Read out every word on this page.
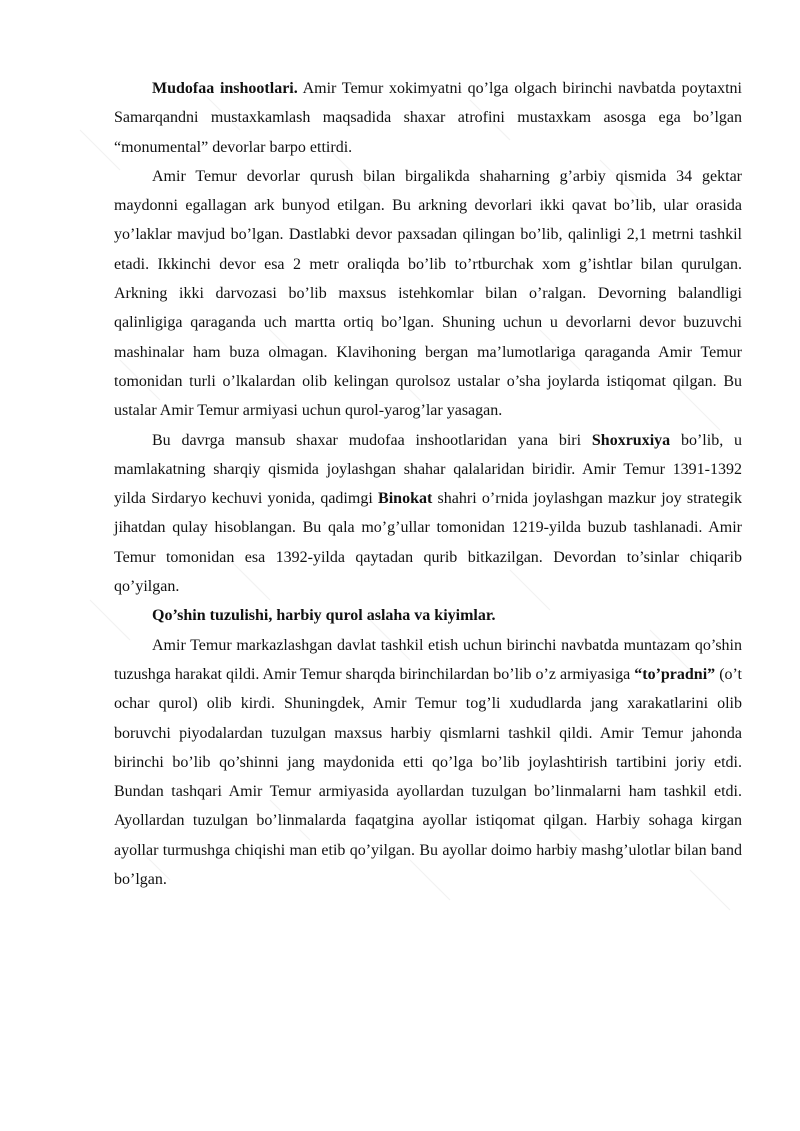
Mudofaa inshootlari. Amir Temur xokimyatni qo’lga olgach birinchi navbatda poytaxtni Samarqandni mustaxkamlash maqsadida shaxar atrofini mustaxkam asosga ega bo’lgan “monumental” devorlar barpo ettirdi.

Amir Temur devorlar qurush bilan birgalikda shaharning g’arbiy qismida 34 gektar maydonni egallagan ark bunyod etilgan. Bu arkning devorlari ikki qavat bo’lib, ular orasida yo’laklar mavjud bo’lgan. Dastlabki devor paxsadan qilingan bo’lib, qalinligi 2,1 metrni tashkil etadi. Ikkinchi devor esa 2 metr oraliqda bo’lib to’rtburchak xom g’ishtlar bilan qurulgan. Arkning ikki darvozasi bo’lib maxsus istehkomlar bilan o’ralgan. Devorning balandligi qalinligiga qaraganda uch martta ortiq bo’lgan. Shuning uchun u devorlarni devor buzuvchi mashinalar ham buza olmagan. Klavihoning bergan ma’lumotlariga qaraganda Amir Temur tomonidan turli o’lkalardan olib kelingan qurolsoz ustalar o’sha joylarda istiqomat qilgan. Bu ustalar Amir Temur armiyasi uchun qurol-yarog’lar yasagan.

Bu davrga mansub shaxar mudofaa inshootlaridan yana biri Shoxruxiya bo’lib, u mamlakatning sharqiy qismida joylashgan shahar qalalaridan biridir. Amir Temur 1391-1392 yilda Sirdaryo kechuvi yonida, qadimgi Binokat shahri o’rnida joylashgan mazkur joy strategik jihatdan qulay hisoblangan. Bu qala mo’g’ullar tomonidan 1219-yilda buzub tashlanadi. Amir Temur tomonidan esa 1392-yilda qaytadan qurib bitkazilgan. Devordan to’sinlar chiqarib qo’yilgan.

Qo’shin tuzulishi, harbiy qurol aslaha va kiyimlar.

Amir Temur markazlashgan davlat tashkil etish uchun birinchi navbatda muntazam qo’shin tuzushga harakat qildi. Amir Temur sharqda birinchilardan bo’lib o’z armiyasiga “to’pradni” (o’t ochar qurol) olib kirdi. Shuningdek, Amir Temur tog’li xududlarda jang xarakatlarini olib boruvchi piyodalardan tuzulgan maxsus harbiy qismlarni tashkil qildi. Amir Temur jahonda birinchi bo’lib qo’shinni jang maydonida etti qo’lga bo’lib joylashtirish tartibini joriy etdi. Bundan tashqari Amir Temur armiyasida ayollardan tuzulgan bo’linmalarni ham tashkil etdi. Ayollardan tuzulgan bo’linmalarda faqatgina ayollar istiqomat qilgan. Harbiy sohaga kirgan ayollar turmushga chiqishi man etib qo’yilgan. Bu ayollar doimo harbiy mashg’ulotlar bilan band bo’lgan.
